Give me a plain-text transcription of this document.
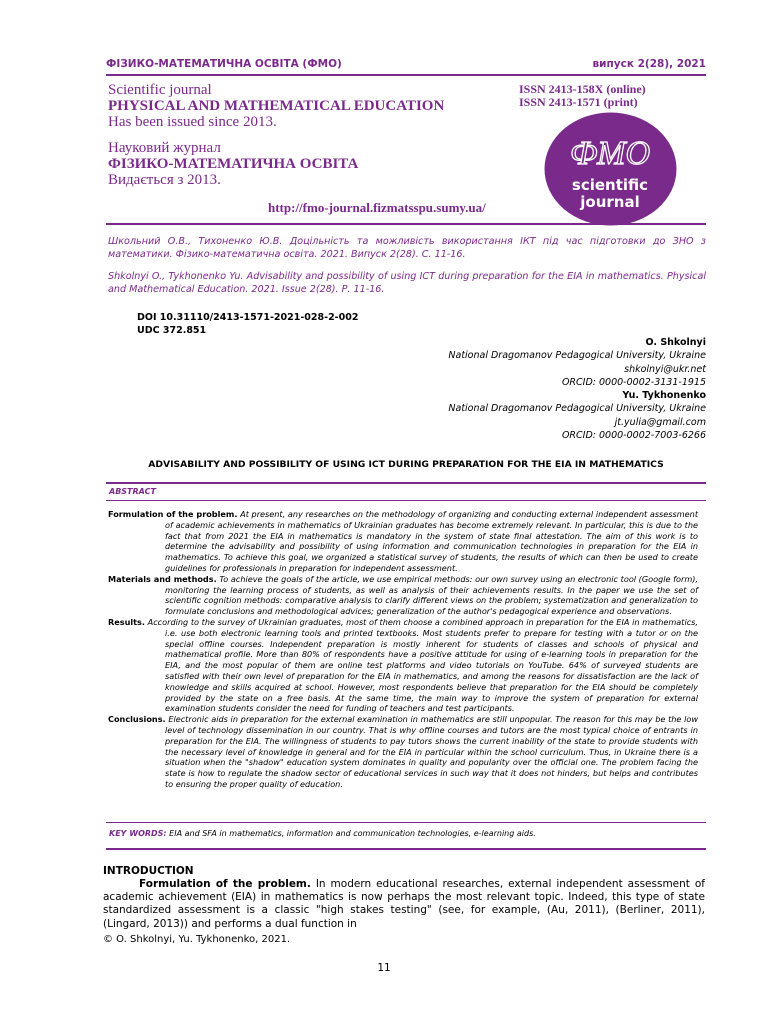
ФІЗИКО-МАТЕМАТИЧНА ОСВІТА (ФМО)	випуск 2(28), 2021
Scientific journal
PHYSICAL AND MATHEMATICAL EDUCATION
Has been issued since 2013.
Науковий журнал
ФІЗИКО-МАТЕМАТИЧНА ОСВІТА
Видається з 2013.
ISSN 2413-158X (online)
ISSN 2413-1571 (print)
ФМО
scientific
journal
http://fmo-journal.fizmatsspu.sumy.ua/
Школьний О.В., Тихоненко Ю.В. Доцільність та можливість використання ІКТ під час підготовки до ЗНО з математики. Фізико-математична освіта. 2021. Випуск 2(28). С. 11-16.
Shkolnyi O., Tykhonenko Yu. Advisability and possibility of using ICT during preparation for the EIA in mathematics. Physical and Mathematical Education. 2021. Issue 2(28). Р. 11-16.
DOI 10.31110/2413-1571-2021-028-2-002
UDC 372.851
O. Shkolnyi
National Dragomanov Pedagogical University, Ukraine
shkolnyi@ukr.net
ORCID: 0000-0002-3131-1915
Yu. Tykhonenko
National Dragomanov Pedagogical University, Ukraine
jt.yulia@gmail.com
ORCID: 0000-0002-7003-6266
ADVISABILITY AND POSSIBILITY OF USING ICT DURING PREPARATION FOR THE EIA IN MATHEMATICS
ABSTRACT

Formulation of the problem. At present, any researches on the methodology of organizing and conducting external independent assessment of academic achievements in mathematics of Ukrainian graduates has become extremely relevant. In particular, this is due to the fact that from 2021 the EIA in mathematics is mandatory in the system of state final attestation. The aim of this work is to determine the advisability and possibility of using information and communication technologies in preparation for the EIA in mathematics. To achieve this goal, we organized a statistical survey of students, the results of which can then be used to create guidelines for professionals in preparation for independent assessment.

Materials and methods. To achieve the goals of the article, we use empirical methods: our own survey using an electronic tool (Google form), monitoring the learning process of students, as well as analysis of their achievements results. In the paper we use the set of scientific cognition methods: comparative analysis to clarify different views on the problem; systematization and generalization to formulate conclusions and methodological advices; generalization of the author's pedagogical experience and observations.

Results. According to the survey of Ukrainian graduates, most of them choose a combined approach in preparation for the EIA in mathematics, i.e. use both electronic learning tools and printed textbooks. Most students prefer to prepare for testing with a tutor or on the special offline courses. Independent preparation is mostly inherent for students of classes and schools of physical and mathematical profile. More than 80% of respondents have a positive attitude for using of e-learning tools in preparation for the EIA, and the most popular of them are online test platforms and video tutorials on YouTube. 64% of surveyed students are satisfied with their own level of preparation for the EIA in mathematics, and among the reasons for dissatisfaction are the lack of knowledge and skills acquired at school. However, most respondents believe that preparation for the EIA should be completely provided by the state on a free basis. At the same time, the main way to improve the system of preparation for external examination students consider the need for funding of teachers and test participants.

Conclusions. Electronic aids in preparation for the external examination in mathematics are still unpopular. The reason for this may be the low level of technology dissemination in our country. That is why offline courses and tutors are the most typical choice of entrants in preparation for the EIA. The willingness of students to pay tutors shows the current inability of the state to provide students with the necessary level of knowledge in general and for the EIA in particular within the school curriculum. Thus, in Ukraine there is a situation when the "shadow" education system dominates in quality and popularity over the official one. The problem facing the state is how to regulate the shadow sector of educational services in such way that it does not hinders, but helps and contributes to ensuring the proper quality of education.

KEY WORDS: EIA and SFA in mathematics, information and communication technologies, e-learning aids.
INTRODUCTION
Formulation of the problem. In modern educational researches, external independent assessment of academic achievement (EIA) in mathematics is now perhaps the most relevant topic. Indeed, this type of state standardized assessment is a classic "high stakes testing" (see, for example, (Au, 2011), (Berliner, 2011), (Lingard, 2013)) and performs a dual function in
© O. Shkolnyi, Yu. Tykhonenko, 2021.
11
